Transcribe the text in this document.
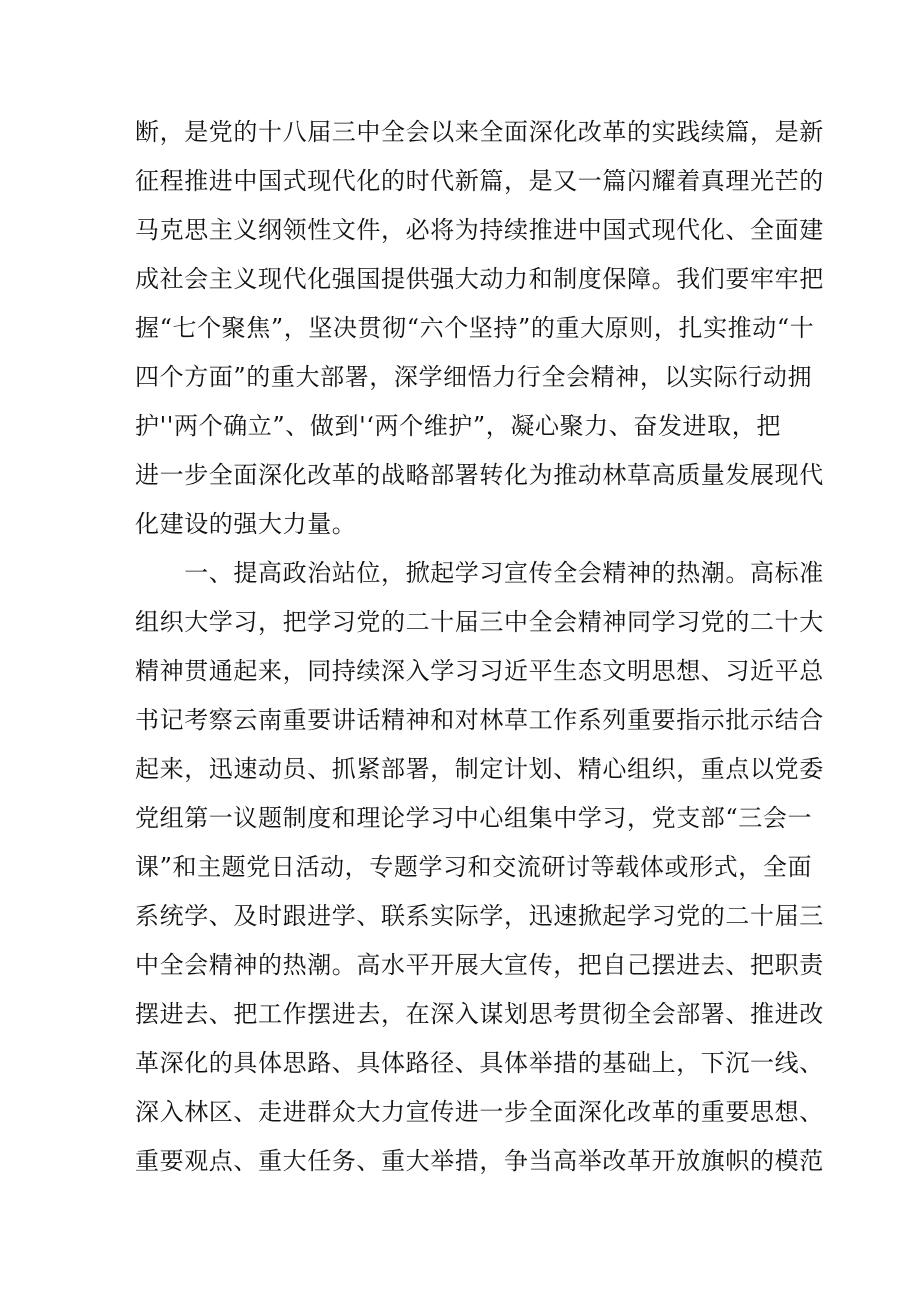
断，是党的十八届三中全会以来全面深化改革的实践续篇，是新
征程推进中国式现代化的时代新篇，是又一篇闪耀着真理光芒的
马克思主义纲领性文件，必将为持续推进中国式现代化、全面建
成社会主义现代化强国提供强大动力和制度保障。我们要牢牢把
握“七个聚焦”，坚决贯彻“六个坚持”的重大原则，扎实推动“十
四个方面”的重大部署，深学细悟力行全会精神，以实际行动拥
护''两个确立”、做到'‘两个维护”，凝心聚力、奋发进取，把
进一步全面深化改革的战略部署转化为推动林草高质量发展现代
化建设的强大力量。
　　一、提高政治站位，掀起学习宣传全会精神的热潮。高标准
组织大学习，把学习党的二十届三中全会精神同学习党的二十大
精神贯通起来，同持续深入学习习近平生态文明思想、习近平总
书记考察云南重要讲话精神和对林草工作系列重要指示批示结合
起来，迅速动员、抓紧部署，制定计划、精心组织，重点以党委
党组第一议题制度和理论学习中心组集中学习，党支部“三会一
课”和主题党日活动，专题学习和交流研讨等载体或形式，全面
系统学、及时跟进学、联系实际学，迅速掀起学习党的二十届三
中全会精神的热潮。高水平开展大宣传，把自己摆进去、把职责
摆进去、把工作摆进去，在深入谋划思考贯彻全会部署、推进改
革深化的具体思路、具体路径、具体举措的基础上，下沉一线、
深入林区、走进群众大力宣传进一步全面深化改革的重要思想、
重要观点、重大任务、重大举措，争当高举改革开放旗帜的模范
